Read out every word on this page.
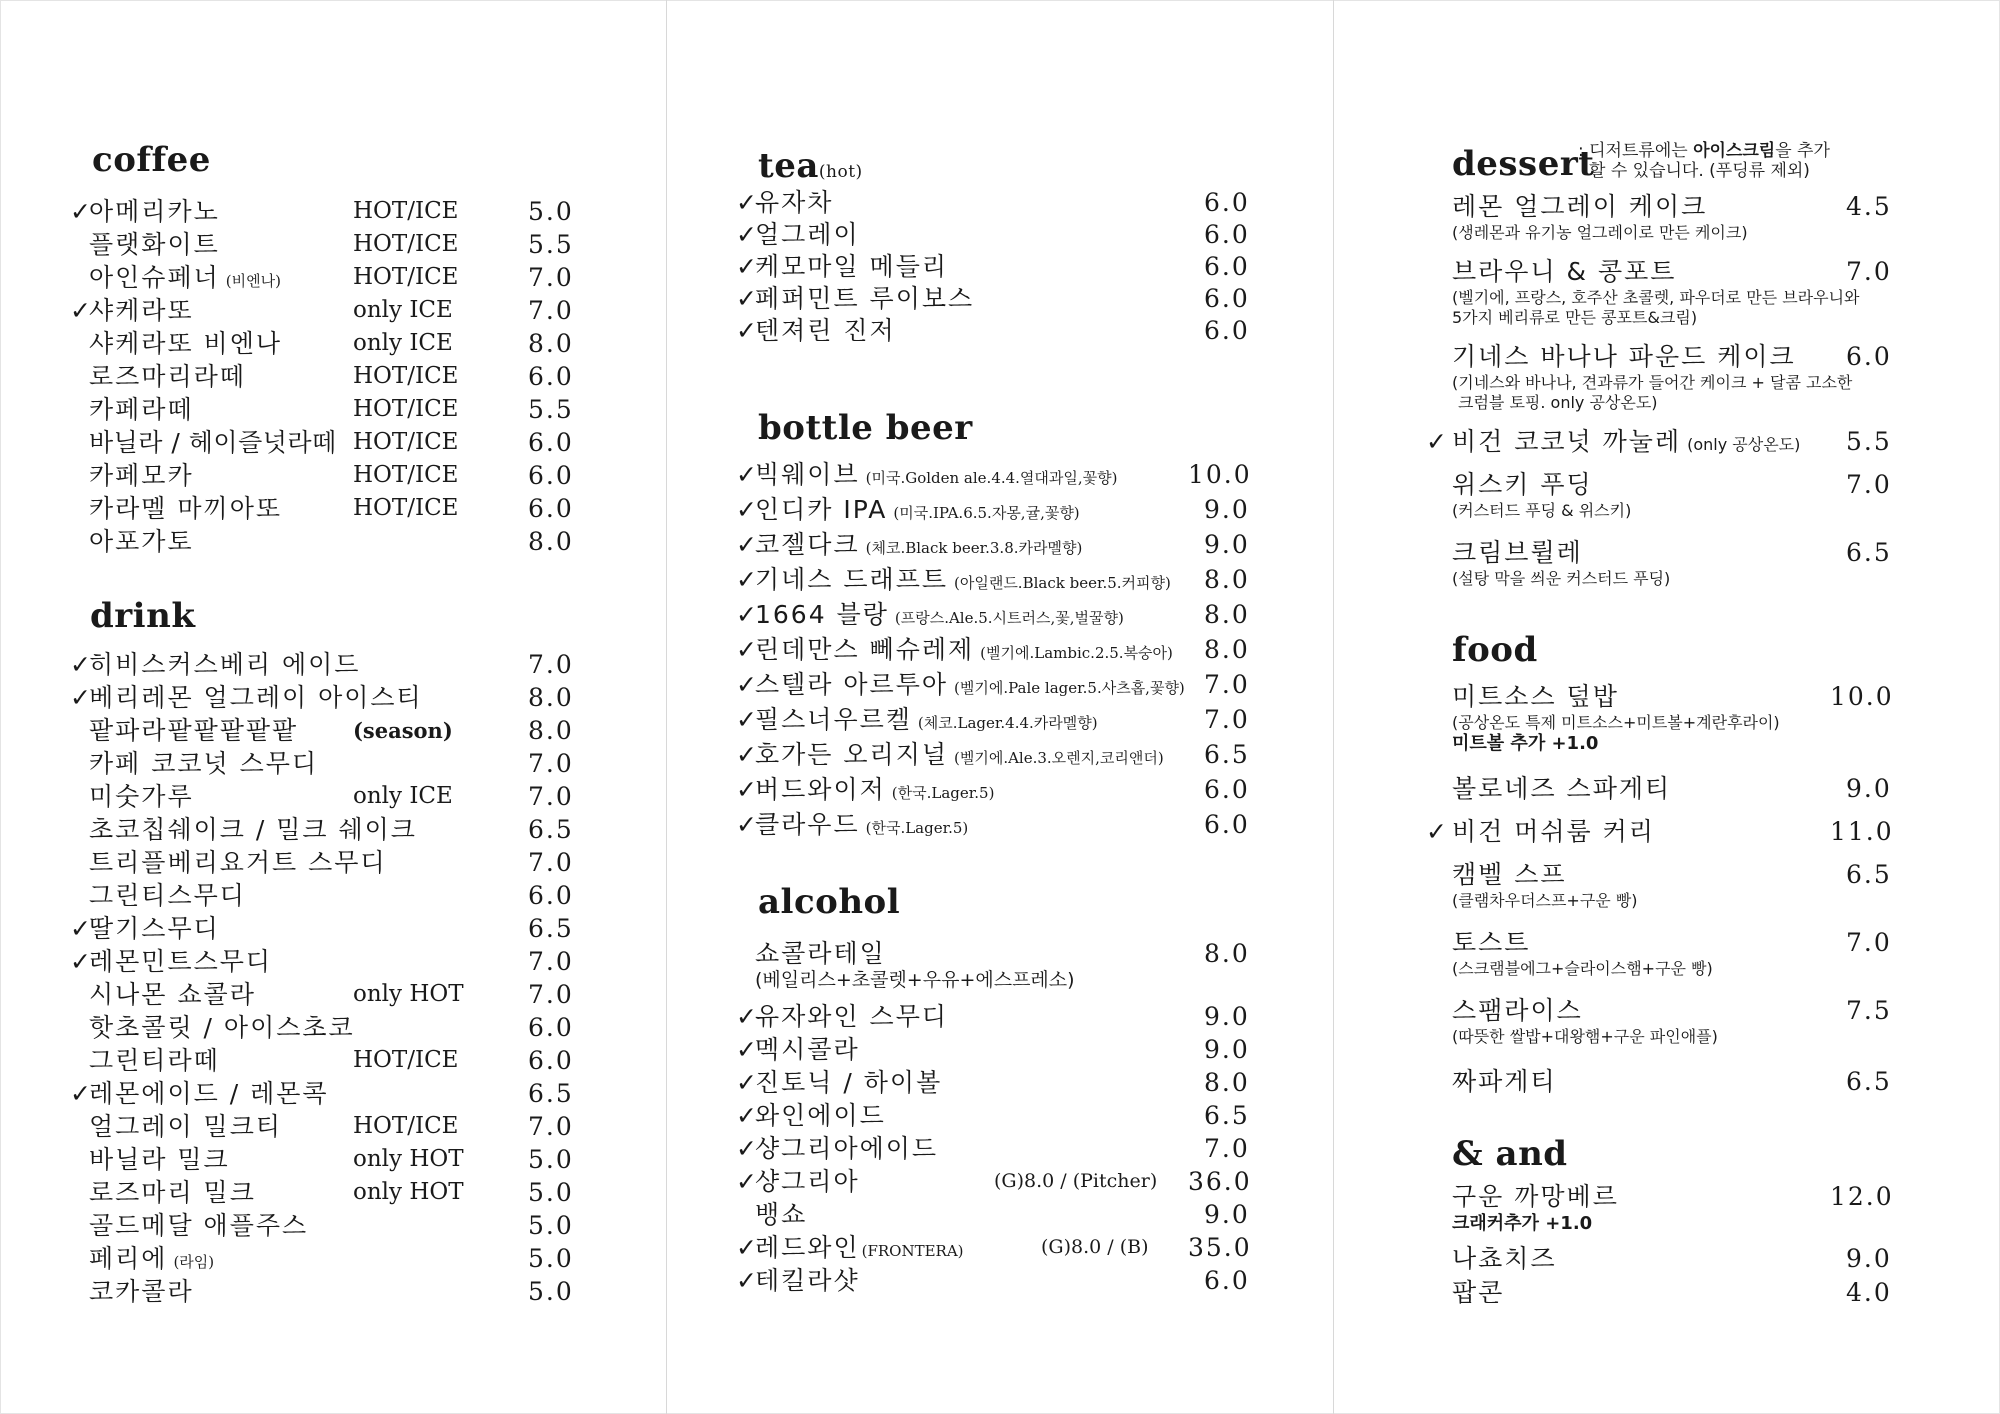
coffee
✓
아메리카노	HOT/ICE	5.0
플랫화이트	HOT/ICE	5.5
아인슈페너 (비엔나)	HOT/ICE	7.0
✓
샤케라또	only ICE	7.0
샤케라또 비엔나	only ICE	8.0
로즈마리라떼	HOT/ICE	6.0
카페라떼	HOT/ICE	5.5
바닐라 / 헤이즐넛라떼 HOT/ICE	6.0
카페모카	HOT/ICE	6.0
카라멜 마끼아또	HOT/ICE	6.0
아포가토	8.0
drink
✓
히비스커스베리 에이드	7.0
✓
베리레몬 얼그레이 아이스티	8.0
팥파라팥팥팥팥팥	(season)	8.0
카페 코코넛 스무디	7.0
미숫가루	only ICE	7.0
초코칩쉐이크 / 밀크 쉐이크	6.5
트리플베리요거트 스무디	7.0
그린티스무디	6.0
✓
딸기스무디	6.5
✓
레몬민트스무디	7.0
시나몬 쇼콜라	only HOT	7.0
핫초콜릿 / 아이스초코	6.0
그린티라떼	HOT/ICE	6.0
✓
레몬에이드 / 레몬콕	6.5
얼그레이 밀크티	HOT/ICE	7.0
바닐라 밀크	only HOT	5.0
로즈마리 밀크	only HOT	5.0
골드메달 애플주스	5.0
페리에 (라임)	5.0
코카콜라	5.0
tea(hot)
✓
유자차	6.0
✓
얼그레이	6.0
✓
케모마일 메들리	6.0
✓
페퍼민트 루이보스	6.0
✓
텐져린 진저	6.0
bottle beer
✓
빅웨이브 (미국.Golden ale.4.4.열대과일,꽃향)	10.0
✓
인디카 IPA (미국.IPA.6.5.자몽,귤,꽃향)	9.0
✓
코젤다크 (체코.Black beer.3.8.카라멜향)	9.0
✓
기네스 드래프트 (아일랜드.Black beer.5.커피향) 8.0
✓
1664 블랑 (프랑스.Ale.5.시트러스,꽃,벌꿀향)	8.0
✓
린데만스 뻬슈레제 (벨기에.Lambic.2.5.복숭아) 8.0
✓
스텔라 아르투아 (벨기에.Pale lager.5.사츠홉,꽃향) 7.0
✓
필스너우르켈 (체코.Lager.4.4.카라멜향)	7.0
✓
호가든 오리지널 (벨기에.Ale.3.오렌지,코리앤더) 6.5
✓
버드와이저 (한국.Lager.5)	6.0
✓
클라우드 (한국.Lager.5)	6.0
alcohol
쇼콜라테일	8.0
(베일리스+초콜렛+우유+에스프레소)
✓
유자와인 스무디	9.0
✓
멕시콜라	9.0
✓
진토닉 / 하이볼	8.0
✓
와인에이드	6.5
✓
샹그리아에이드	7.0
✓
샹그리아	(G)8.0 / (Pitcher) 36.0
뱅쇼	9.0
✓
레드와인 (FRONTERA)	(G)8.0 / (B) 35.0
✓
테킬라샷	6.0
dessert
: 디저트류에는 아이스크림을 추가
할 수 있습니다. (푸딩류 제외)
레몬 얼그레이 케이크	4.5
(생레몬과 유기농 얼그레이로 만든 케이크)
브라우니 & 콩포트	7.0
(벨기에, 프랑스, 호주산 초콜렛, 파우더로 만든 브라우니와
5가지 베리류로 만든 콩포트&크림)
기네스 바나나 파운드 케이크 6.0
(기네스와 바나나, 견과류가 들어간 케이크 + 달콤 고소한
크럼블 토핑. only 공상온도)
✓ 비건 코코넛 까눌레 (only 공상온도) 5.5
위스키 푸딩	7.0
(커스터드 푸딩 & 위스키)
크림브륄레	6.5
(설탕 막을 씌운 커스터드 푸딩)
food
미트소스 덮밥	10.0
(공상온도 특제 미트소스+미트볼+계란후라이)
미트볼 추가 +1.0
볼로네즈 스파게티	9.0
✓ 비건 머쉬룸 커리	11.0
캠벨 스프	6.5
(클램차우더스프+구운 빵)
토스트	7.0
(스크램블에그+슬라이스햄+구운 빵)
스팸라이스	7.5
(따뜻한 쌀밥+대왕햄+구운 파인애플)
짜파게티	6.5
& and
구운 까망베르	12.0
크래커추가 +1.0
나쵸치즈	9.0
팝콘	4.0
